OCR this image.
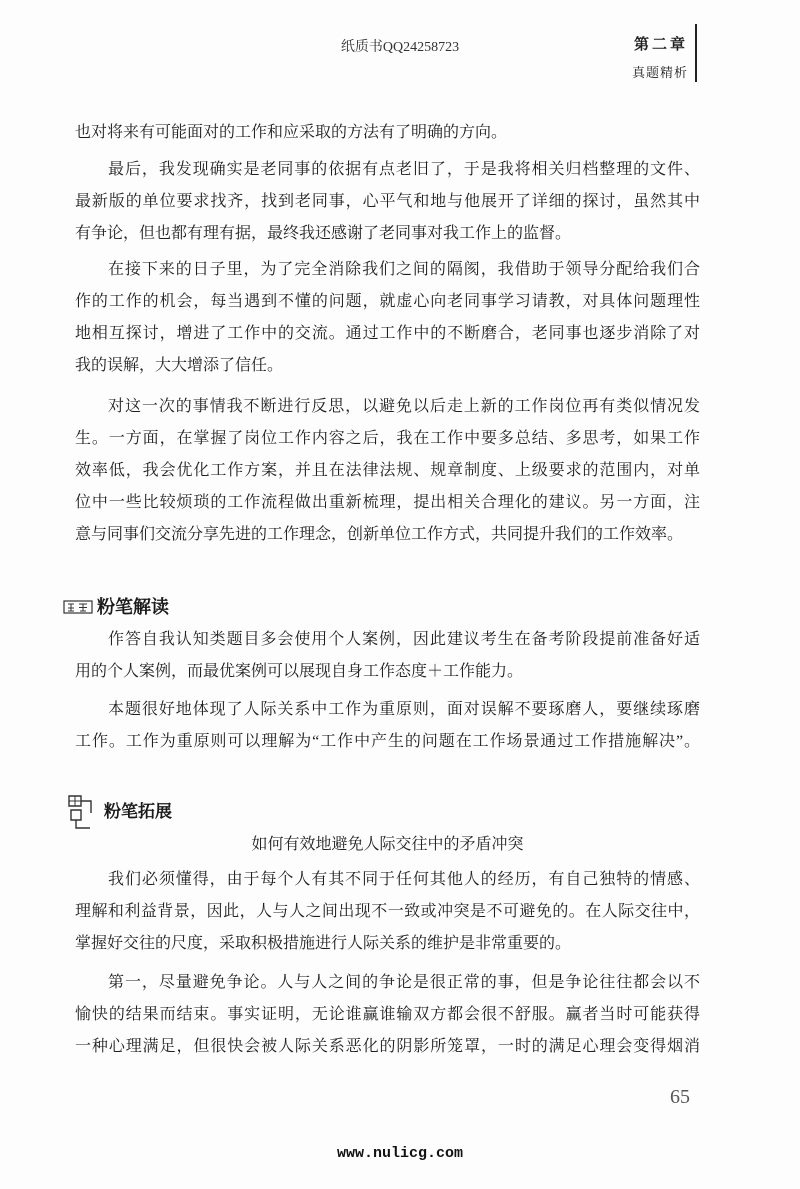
纸质书QQ24258723	第二章
真题精析
也对将来有可能面对的工作和应采取的方法有了明确的方向。
最后，我发现确实是老同事的依据有点老旧了，于是我将相关归档整理的文件、
最新版的单位要求找齐，找到老同事，心平气和地与他展开了详细的探讨，虽然其中
有争论，但也都有理有据，最终我还感谢了老同事对我工作上的监督。
在接下来的日子里，为了完全消除我们之间的隔阂，我借助于领导分配给我们合
作的工作的机会，每当遇到不懂的问题，就虚心向老同事学习请教，对具体问题理性
地相互探讨，增进了工作中的交流。通过工作中的不断磨合，老同事也逐步消除了对
我的误解，大大增添了信任。
对这一次的事情我不断进行反思，以避免以后走上新的工作岗位再有类似情况发
生。一方面，在掌握了岗位工作内容之后，我在工作中要多总结、多思考，如果工作
效率低，我会优化工作方案，并且在法律法规、规章制度、上级要求的范围内，对单
位中一些比较烦琐的工作流程做出重新梳理，提出相关合理化的建议。另一方面，注
意与同事们交流分享先进的工作理念，创新单位工作方式，共同提升我们的工作效率。
粉笔解读
作答自我认知类题目多会使用个人案例，因此建议考生在备考阶段提前准备好适
用的个人案例，而最优案例可以展现自身工作态度＋工作能力。
本题很好地体现了人际关系中工作为重原则，面对误解不要琢磨人，要继续琢磨
工作。工作为重原则可以理解为“工作中产生的问题在工作场景通过工作措施解决”。
粉笔拓展
如何有效地避免人际交往中的矛盾冲突
我们必须懂得，由于每个人有其不同于任何其他人的经历，有自己独特的情感、
理解和利益背景，因此，人与人之间出现不一致或冲突是不可避免的。在人际交往中，
掌握好交往的尺度，采取积极措施进行人际关系的维护是非常重要的。
第一，尽量避免争论。人与人之间的争论是很正常的事，但是争论往往都会以不
愉快的结果而结束。事实证明，无论谁赢谁输双方都会很不舒服。赢者当时可能获得
一种心理满足，但很快会被人际关系恶化的阴影所笼罩，一时的满足心理会变得烟消
65
www.nulicg.com
